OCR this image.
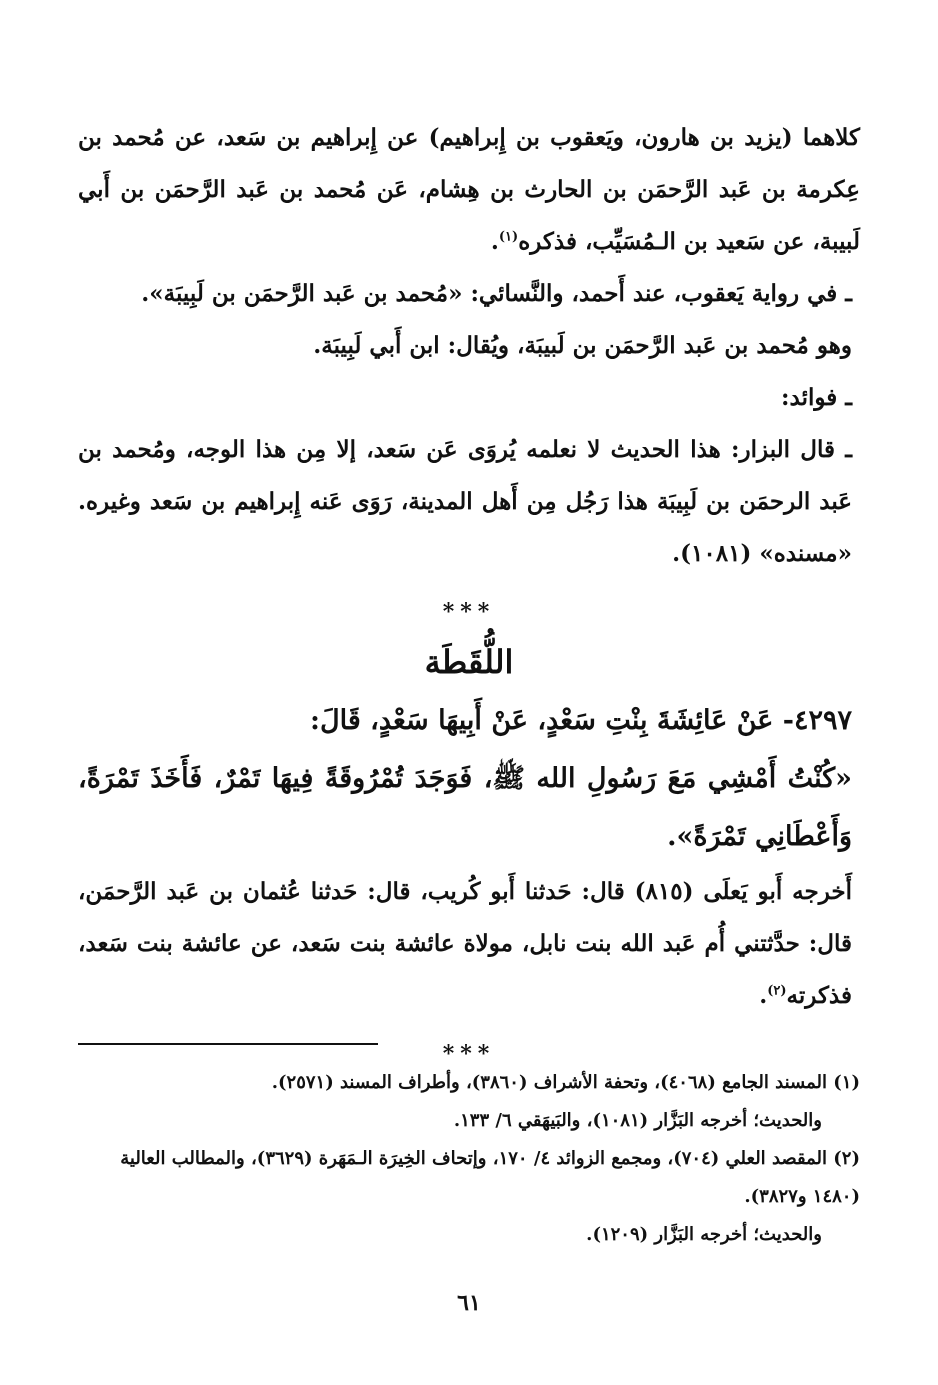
كلاهما (يزيد بن هارون، ويَعقوب بن إِبراهيم) عن إِبراهيم بن سَعد، عن مُحمد بن عِكرمة بن عَبد الرَّحمَن بن الحارث بن هِشام، عَن مُحمد بن عَبد الرَّحمَن بن أَبي لَبيبة، عن سَعيد بن الـمُسَيِّب، فذكره$^{(١)}$.

ـ في رواية يَعقوب، عند أَحمد، والنَّسائي: «مُحمد بن عَبد الرَّحمَن بن لَبِيبَة».

وهو مُحمد بن عَبد الرَّحمَن بن لَبيبَة، ويُقال: ابن أَبي لَبِيبَة.

ـ فوائد:

ـ قال البزار: هذا الحديث لا نعلمه يُروَى عَن سَعد، إلا مِن هذا الوجه، ومُحمد بن عَبد الرحمَن بن لَبِيبَة هذا رَجُل مِن أَهل المدينة، رَوَى عَنه إِبراهيم بن سَعد وغيره. «مسنده» (١٠٨١).

***
اللُّقَطَة

٤٢٩٧- عَنْ عَائِشَةَ بِنْتِ سَعْدٍ، عَنْ أَبِيهَا سَعْدٍ، قَالَ:

«كُنْتُ أَمْشِي مَعَ رَسُولِ الله ﷺ، فَوَجَدَ تُمْرُوقَةً فِيهَا تَمْرٌ، فَأَخَذَ تَمْرَةً، وَأَعْطَانِي تَمْرَةً».

أَخرجه أَبو يَعلَى (٨١٥) قال: حَدثنا أَبو كُريب، قال: حَدثنا عُثمان بن عَبد الرَّحمَن، قال: حدَّثتني أُم عَبد الله بنت نابل، مولاة عائشة بنت سَعد، عن عائشة بنت سَعد، فذكرته$^{(٢)}$.

***

(١) المسند الجامع (٤٠٦٨)، وتحفة الأشراف (٣٨٦٠)، وأطراف المسند (٢٥٧١).

والحديث؛ أخرجه البَزَّار (١٠٨١)، والبَيهَقي ٦/ ١٣٣.

(٢) المقصد العلي (٧٠٤)، ومجمع الزوائد ٤/ ١٧٠، وإتحاف الخِيرَة الـمَهَرة (٣٦٢٩)، والمطالب العالية (١٤٨٠ و٣٨٢٧).

والحديث؛ أخرجه البَزَّار (١٢٠٩).

٦١
